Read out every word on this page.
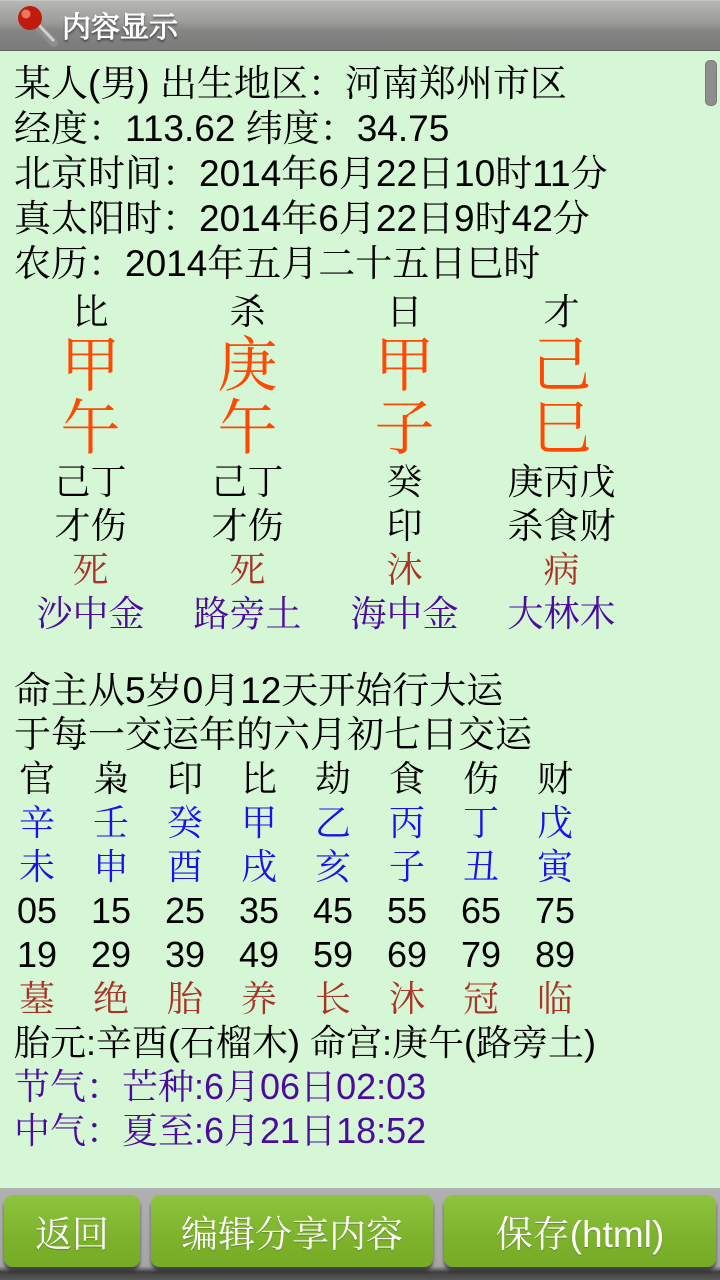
内容显示

某人(男) 出生地区：河南郑州市区

经度：113.62 纬度：34.75

北京时间：2014年6月22日10时11分

真太阳时：2014年6月22日9时42分

农历：2014年五月二十五日巳时

比	杀	日	才
甲	庚	甲	己
午	午	子	巳
己丁	己丁	癸	庚丙戊
才伤	才伤	印	杀食财
死	死	沐	病
沙中金	路旁土	海中金	大林木

命主从5岁0月12天开始行大运

于每一交运年的六月初七日交运

官	枭	印	比	劫	食	伤	财
辛	壬	癸	甲	乙	丙	丁	戊
未	申	酉	戌	亥	子	丑	寅
05 15 25 35 45 55 65 75
19 29 39 49 59 69 79 89
墓	绝	胎	养	长	沐	冠	临

胎元:辛酉(石榴木) 命宫:庚午(路旁土)

节气：芒种:6月06日02:03

中气：夏至:6月21日18:52

返回	编辑分享内容	保存(html)
